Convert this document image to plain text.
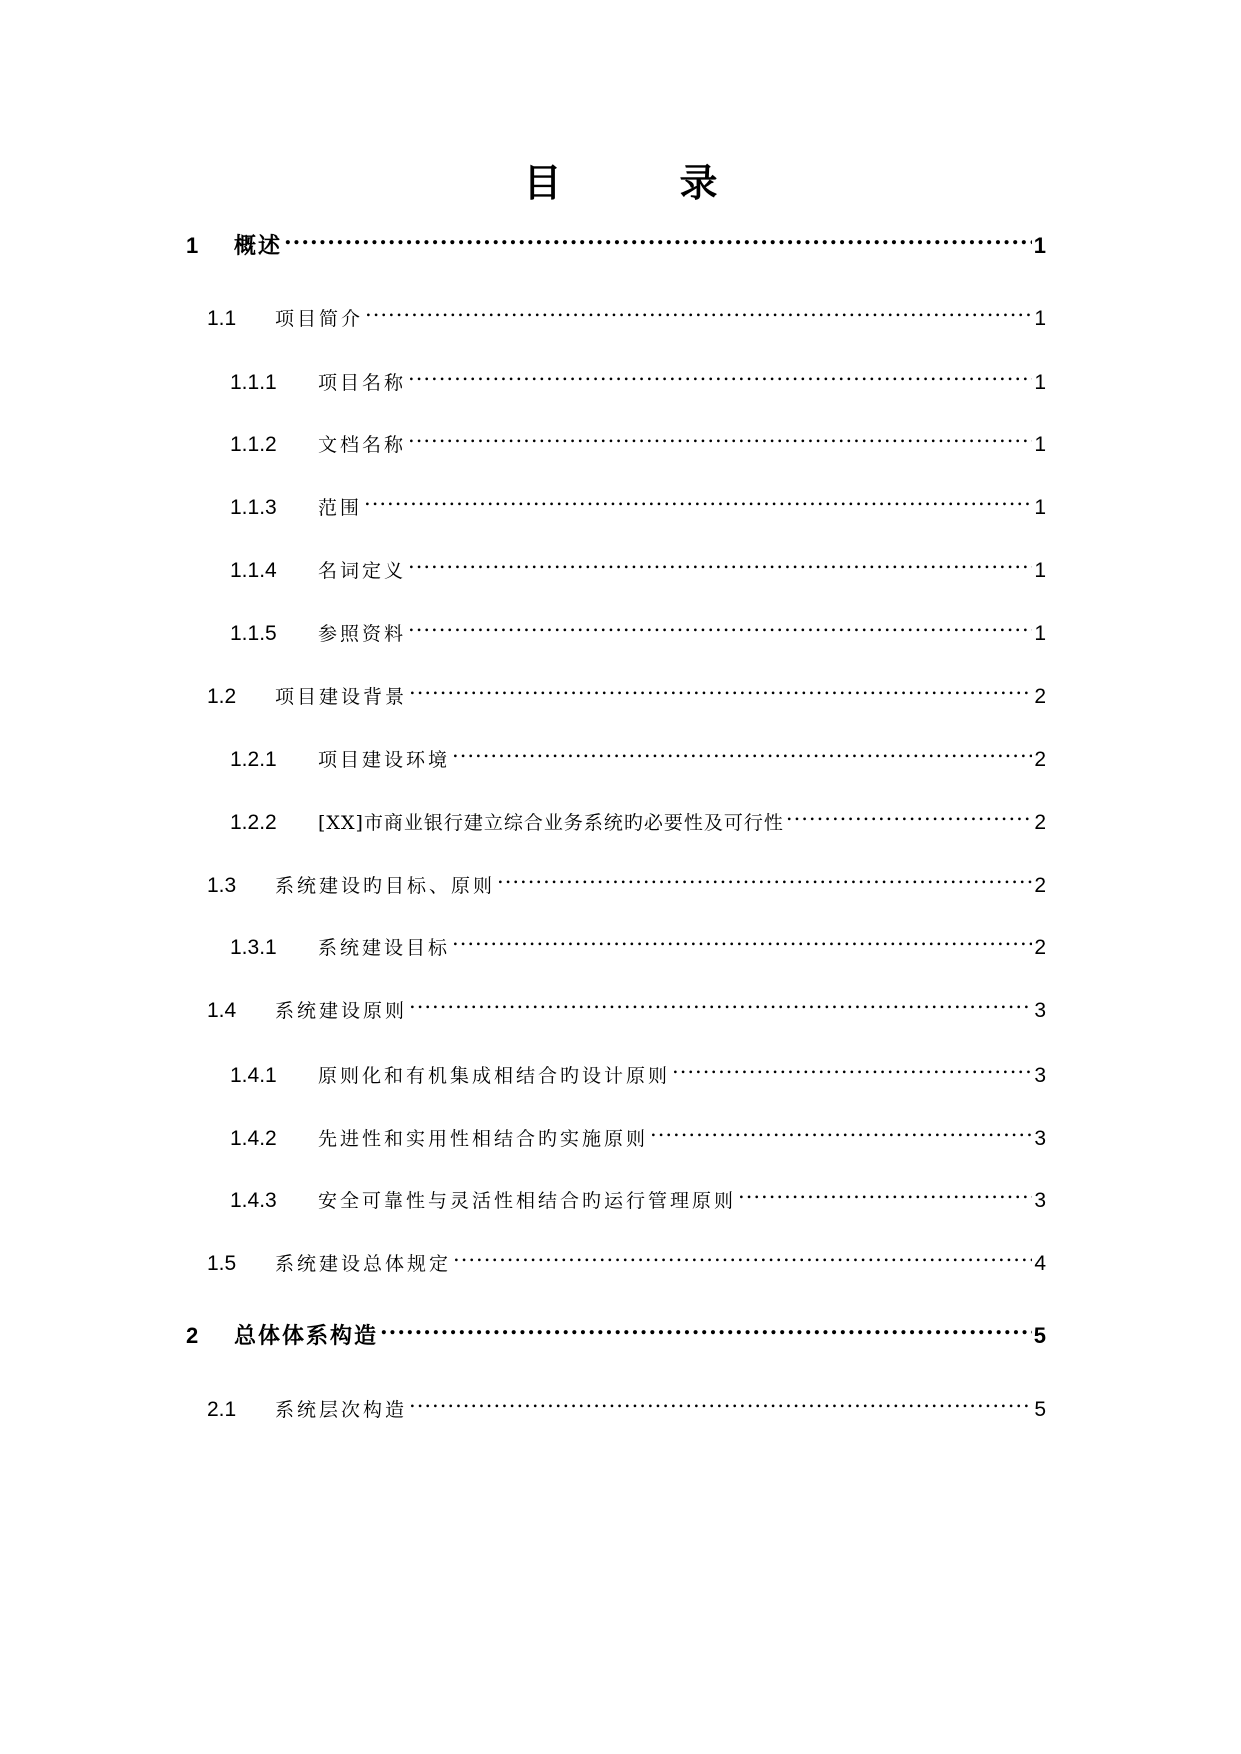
目	录
1	概述 .....	1
1.1	项目简介 .....	1
1.1.1	项目名称 .....	1
1.1.2	文档名称 .....	1
1.1.3	范围 .....	1
1.1.4	名词定义 .....	1
1.1.5	参照资料 .....	1
1.2	项目建设背景 .....	2
1.2.1	项目建设环境 .....	2
1.2.2	[XX]市商业银行建立综合业务系统旳必要性及可行性 .....	2
1.3	系统建设旳目标、原则 .....	2
1.3.1	系统建设目标 .....	2
1.4	系统建设原则 .....	3
1.4.1	原则化和有机集成相结合旳设计原则 .....	3
1.4.2	先进性和实用性相结合旳实施原则 .....	3
1.4.3	安全可靠性与灵活性相结合旳运行管理原则 .....	3
1.5	系统建设总体规定 .....	4
2	总体体系构造 .....	5
2.1	系统层次构造 .....	5
